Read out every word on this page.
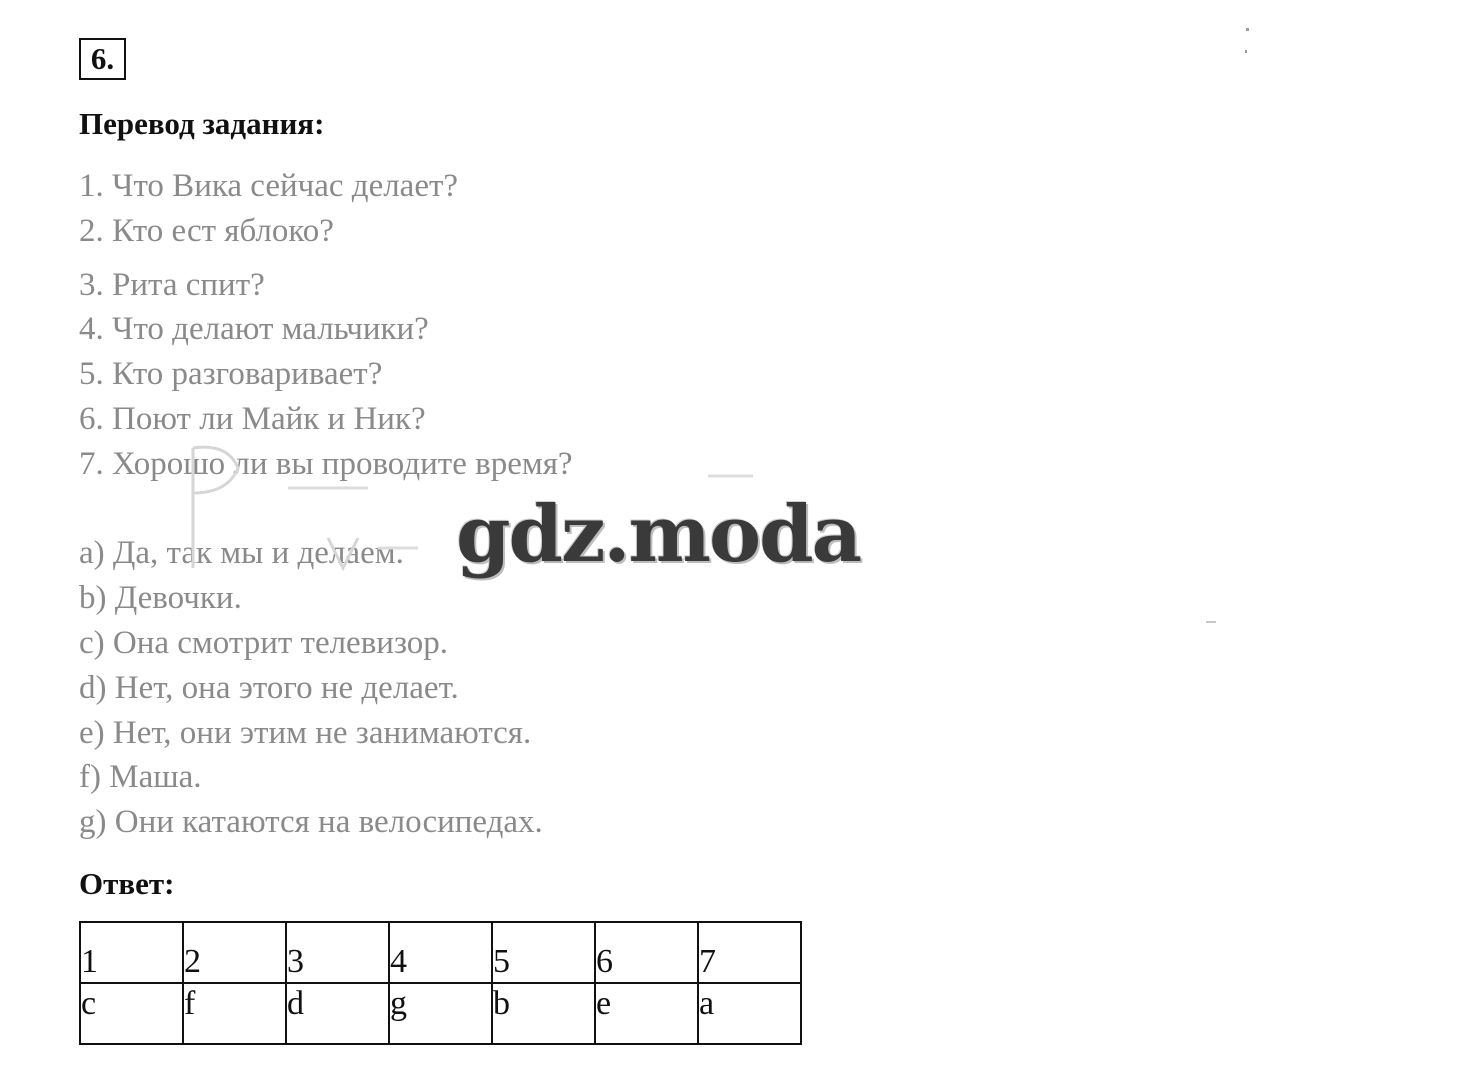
6.
Перевод задания:
1. Что Вика сейчас делает?
2. Кто ест яблоко?
3. Рита спит?
4. Что делают мальчики?
5. Кто разговаривает?
6. Поют ли Майк и Ник?
7. Хорошо ли вы проводите время?
a) Да, так мы и делаем.
b) Девочки.
c) Она смотрит телевизор.
d) Нет, она этого не делает.
e) Нет, они этим не занимаются.
f) Маша.
g) Они катаются на велосипедах.
gdz.moda
Ответ:
1	2	3	4	5	6	7
c	f	d	g	b	e	a
